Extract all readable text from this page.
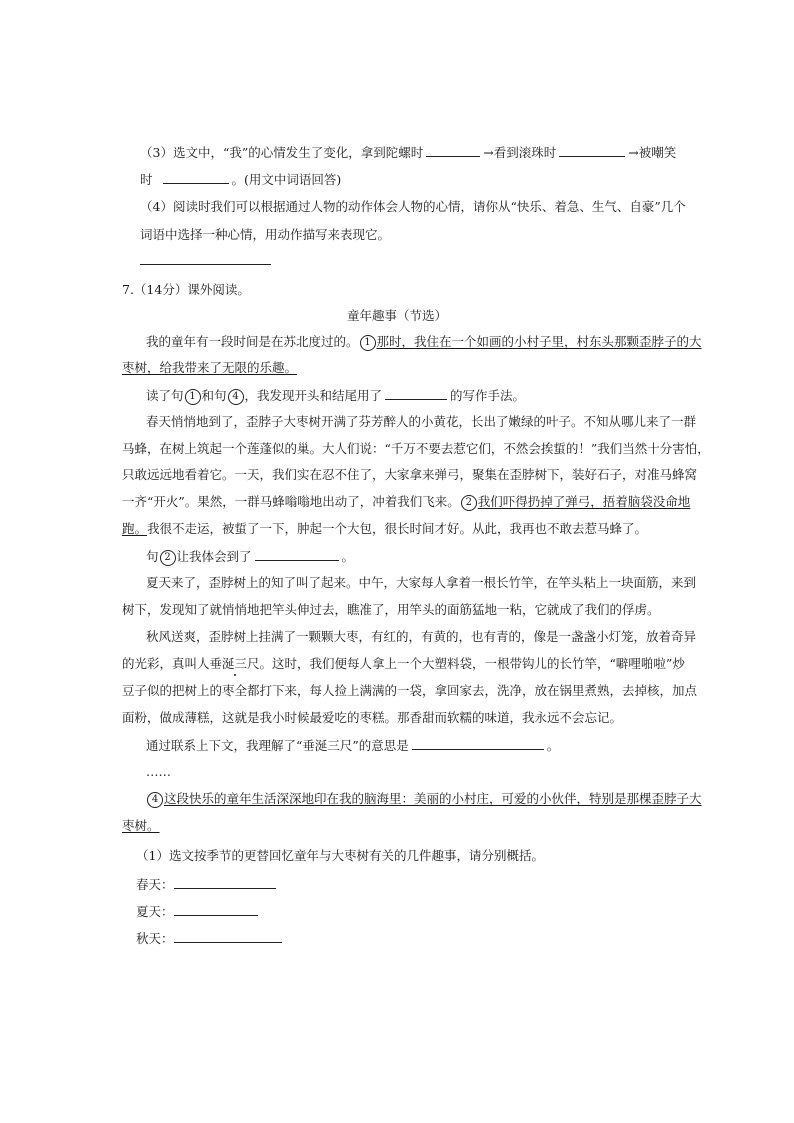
（3）选文中，“我”的心情发生了变化，拿到陀螺时	→看到滚珠时	→被嘲笑
时	。(用文中词语回答)
（4）阅读时我们可以根据通过人物的动作体会人物的心情，请你从“快乐、着急、生气、自豪”几个
词语中选择一种心情，用动作描写来表现它。
7.（14分）课外阅读。
童年趣事（节选）
我的童年有一段时间是在苏北度过的。 1 那时，我住在一个如画的小村子里，村东头那颗歪脖子的大
枣树，给我带来了无限的乐趣。
读了句 1 和句 4 ，我发现开头和结尾用了	的写作手法。
春天悄悄地到了，歪脖子大枣树开满了芬芳醉人的小黄花，长出了嫩绿的叶子。不知从哪儿来了一群
马蜂，在树上筑起一个莲蓬似的巢。大人们说：“千万不要去惹它们，不然会挨蜇的！”我们当然十分害怕，
只敢远远地看着它。一天，我们实在忍不住了，大家拿来弹弓，聚集在歪脖树下，装好石子，对准马蜂窝
一齐“开火”。果然，一群马蜂嗡嗡地出动了，冲着我们飞来。 2 我们吓得扔掉了弹弓，捂着脑袋没命地
跑。我很不走运，被蜇了一下，肿起一个大包，很长时间才好。从此，我再也不敢去惹马蜂了。
句 2 让我体会到了	。
夏天来了，歪脖树上的知了叫了起来。中午，大家每人拿着一根长竹竿，在竿头粘上一块面筋，来到
树下，发现知了就悄悄地把竿头伸过去，瞧准了，用竿头的面筋猛地一粘，它就成了我们的俘虏。
秋风送爽，歪脖树上挂满了一颗颗大枣，有红的，有黄的，也有青的，像是一盏盏小灯笼，放着奇异
的光彩，真叫人垂涎三尺。这时，我们便每人拿上一个大塑料袋，一根带钩儿的长竹竿，“噼哩啪啦”炒
豆子似的把树上的枣全都打下来，每人捡上满满的一袋，拿回家去，洗净，放在锅里煮熟，去掉核，加点
面粉，做成薄糕，这就是我小时候最爱吃的枣糕。那香甜而软糯的味道，我永远不会忘记。
通过联系上下文，我理解了“垂涎三尺”的意思是	。
……
4 这段快乐的童年生活深深地印在我的脑海里：美丽的小村庄，可爱的小伙伴，特别是那棵歪脖子大
枣树。
（1）选文按季节的更替回忆童年与大枣树有关的几件趣事，请分别概括。
春天：
夏天：
秋天：
